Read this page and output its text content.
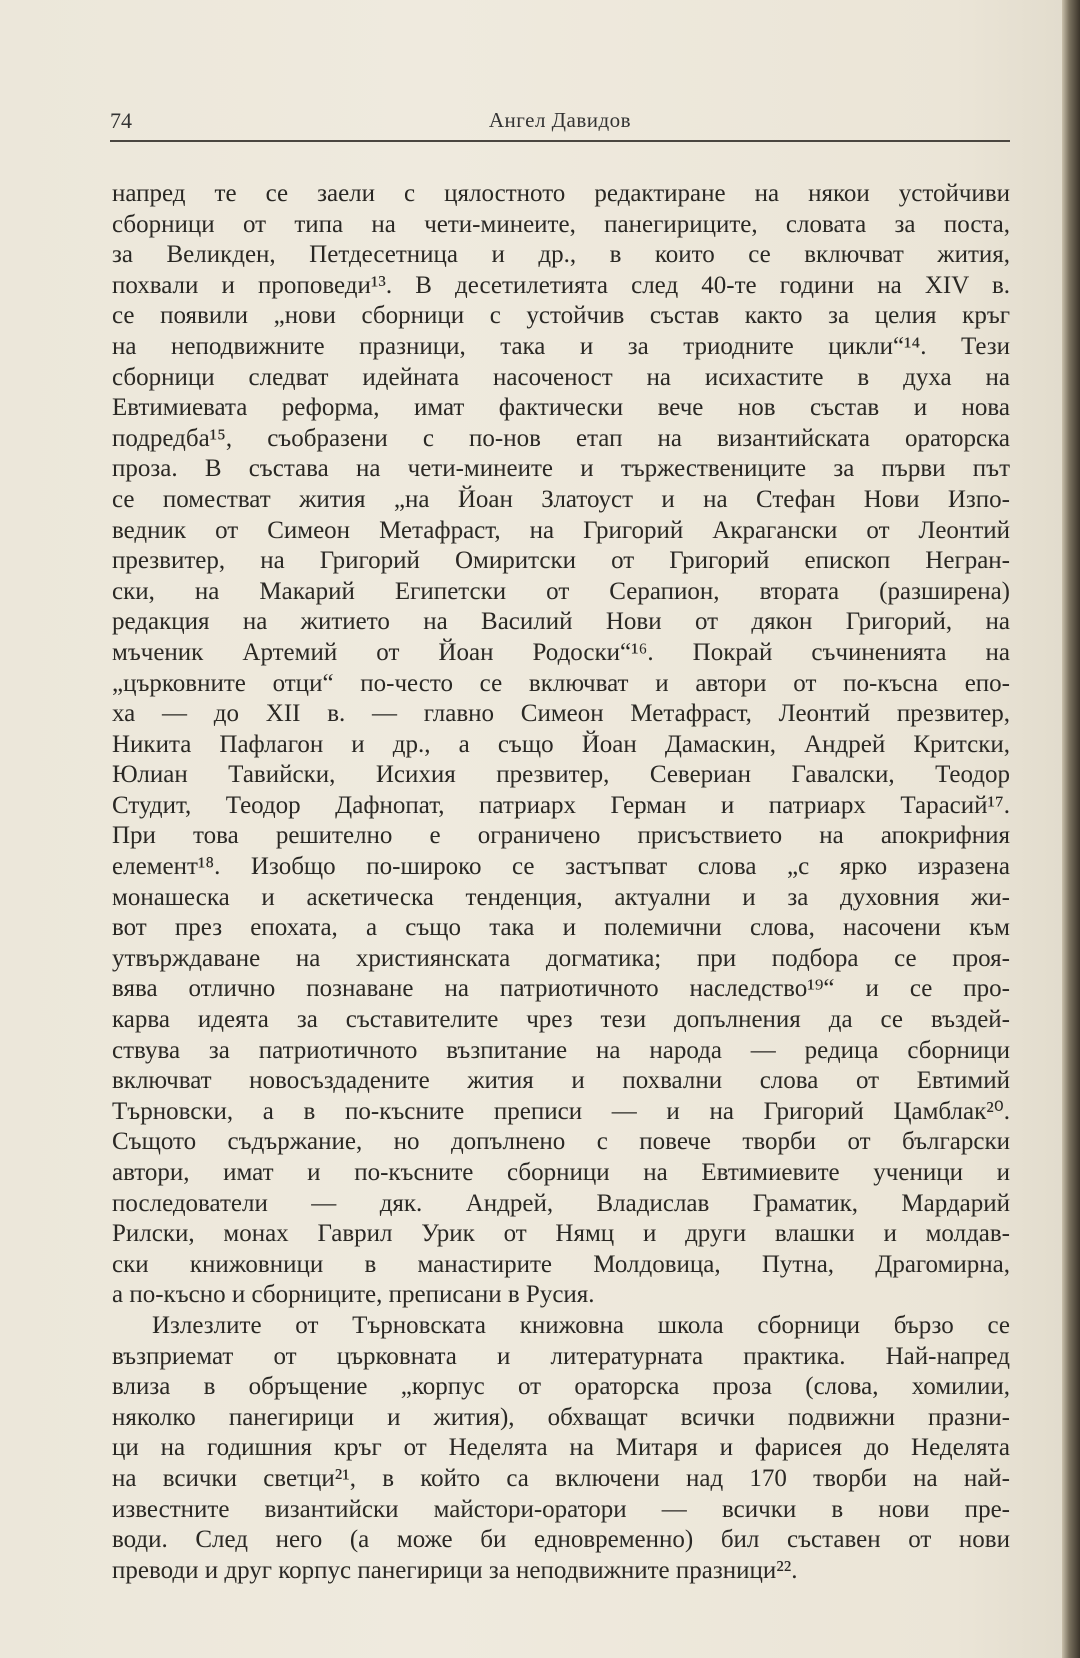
74	Ангел Давидов
напред те се заели с цялостното редактиране на някои устойчиви
сборници от типа на чети-минеите, панегириците, словата за поста,
за Великден, Петдесетница и др., в които се включват жития,
похвали и проповеди¹³. В десетилетията след 40-те години на XIV в.
се появили „нови сборници с устойчив състав както за целия кръг
на неподвижните празници, така и за триодните цикли“¹⁴. Тези
сборници следват идейната насоченост на исихастите в духа на
Евтимиевата реформа, имат фактически вече нов състав и нова
подредба¹⁵, съобразени с по-нов етап на византийската ораторска
проза. В състава на чети-минеите и тържествениците за първи път
се поместват жития „на Йоан Златоуст и на Стефан Нови Изпо-
ведник от Симеон Метафраст, на Григорий Акрагански от Леонтий
презвитер, на Григорий Омиритски от Григорий епископ Негран-
ски, на Макарий Египетски от Серапион, втората (разширена)
редакция на житието на Василий Нови от дякон Григорий, на
мъченик Артемий от Йоан Родоски“¹⁶. Покрай съчиненията на
„църковните отци“ по-често се включват и автори от по-късна епо-
ха — до XII в. — главно Симеон Метафраст, Леонтий презвитер,
Никита Пафлагон и др., а също Йоан Дамаскин, Андрей Критски,
Юлиан Тавийски, Исихия презвитер, Севериан Гавалски, Теодор
Студит, Теодор Дафнопат, патриарх Герман и патриарх Тарасий¹⁷.
При това решително е ограничено присъствието на апокрифния
елемент¹⁸. Изобщо по-широко се застъпват слова „с ярко изразена
монашеска и аскетическа тенденция, актуални и за духовния жи-
вот през епохата, а също така и полемични слова, насочени към
утвърждаване на християнската догматика; при подбора се проя-
вява отлично познаване на патриотичното наследство¹⁹“ и се про-
карва идеята за съставителите чрез тези допълнения да се въздей-
ствува за патриотичното възпитание на народа — редица сборници
включват новосъздадените жития и похвални слова от Евтимий
Търновски, а в по-късните преписи — и на Григорий Цамблак²⁰.
Същото съдържание, но допълнено с повече творби от български
автори, имат и по-късните сборници на Евтимиевите ученици и
последователи — дяк. Андрей, Владислав Граматик, Мардарий
Рилски, монах Гаврил Урик от Нямц и други влашки и молдав-
ски книжовници в манастирите Молдовица, Путна, Драгомирна,
а по-късно и сборниците, преписани в Русия.
Излезлите от Търновската книжовна школа сборници бързо се
възприемат от църковната и литературната практика. Най-напред
влиза в обръщение „корпус от ораторска проза (слова, хомилии,
няколко панегирици и жития), обхващат всички подвижни празни-
ци на годишния кръг от Неделята на Митаря и фарисея до Неделята
на всички светци²¹, в който са включени над 170 творби на най-
известните византийски майстори-оратори — всички в нови пре-
води. След него (а може би едновременно) бил съставен от нови
преводи и друг корпус панегирици за неподвижните празници²².
